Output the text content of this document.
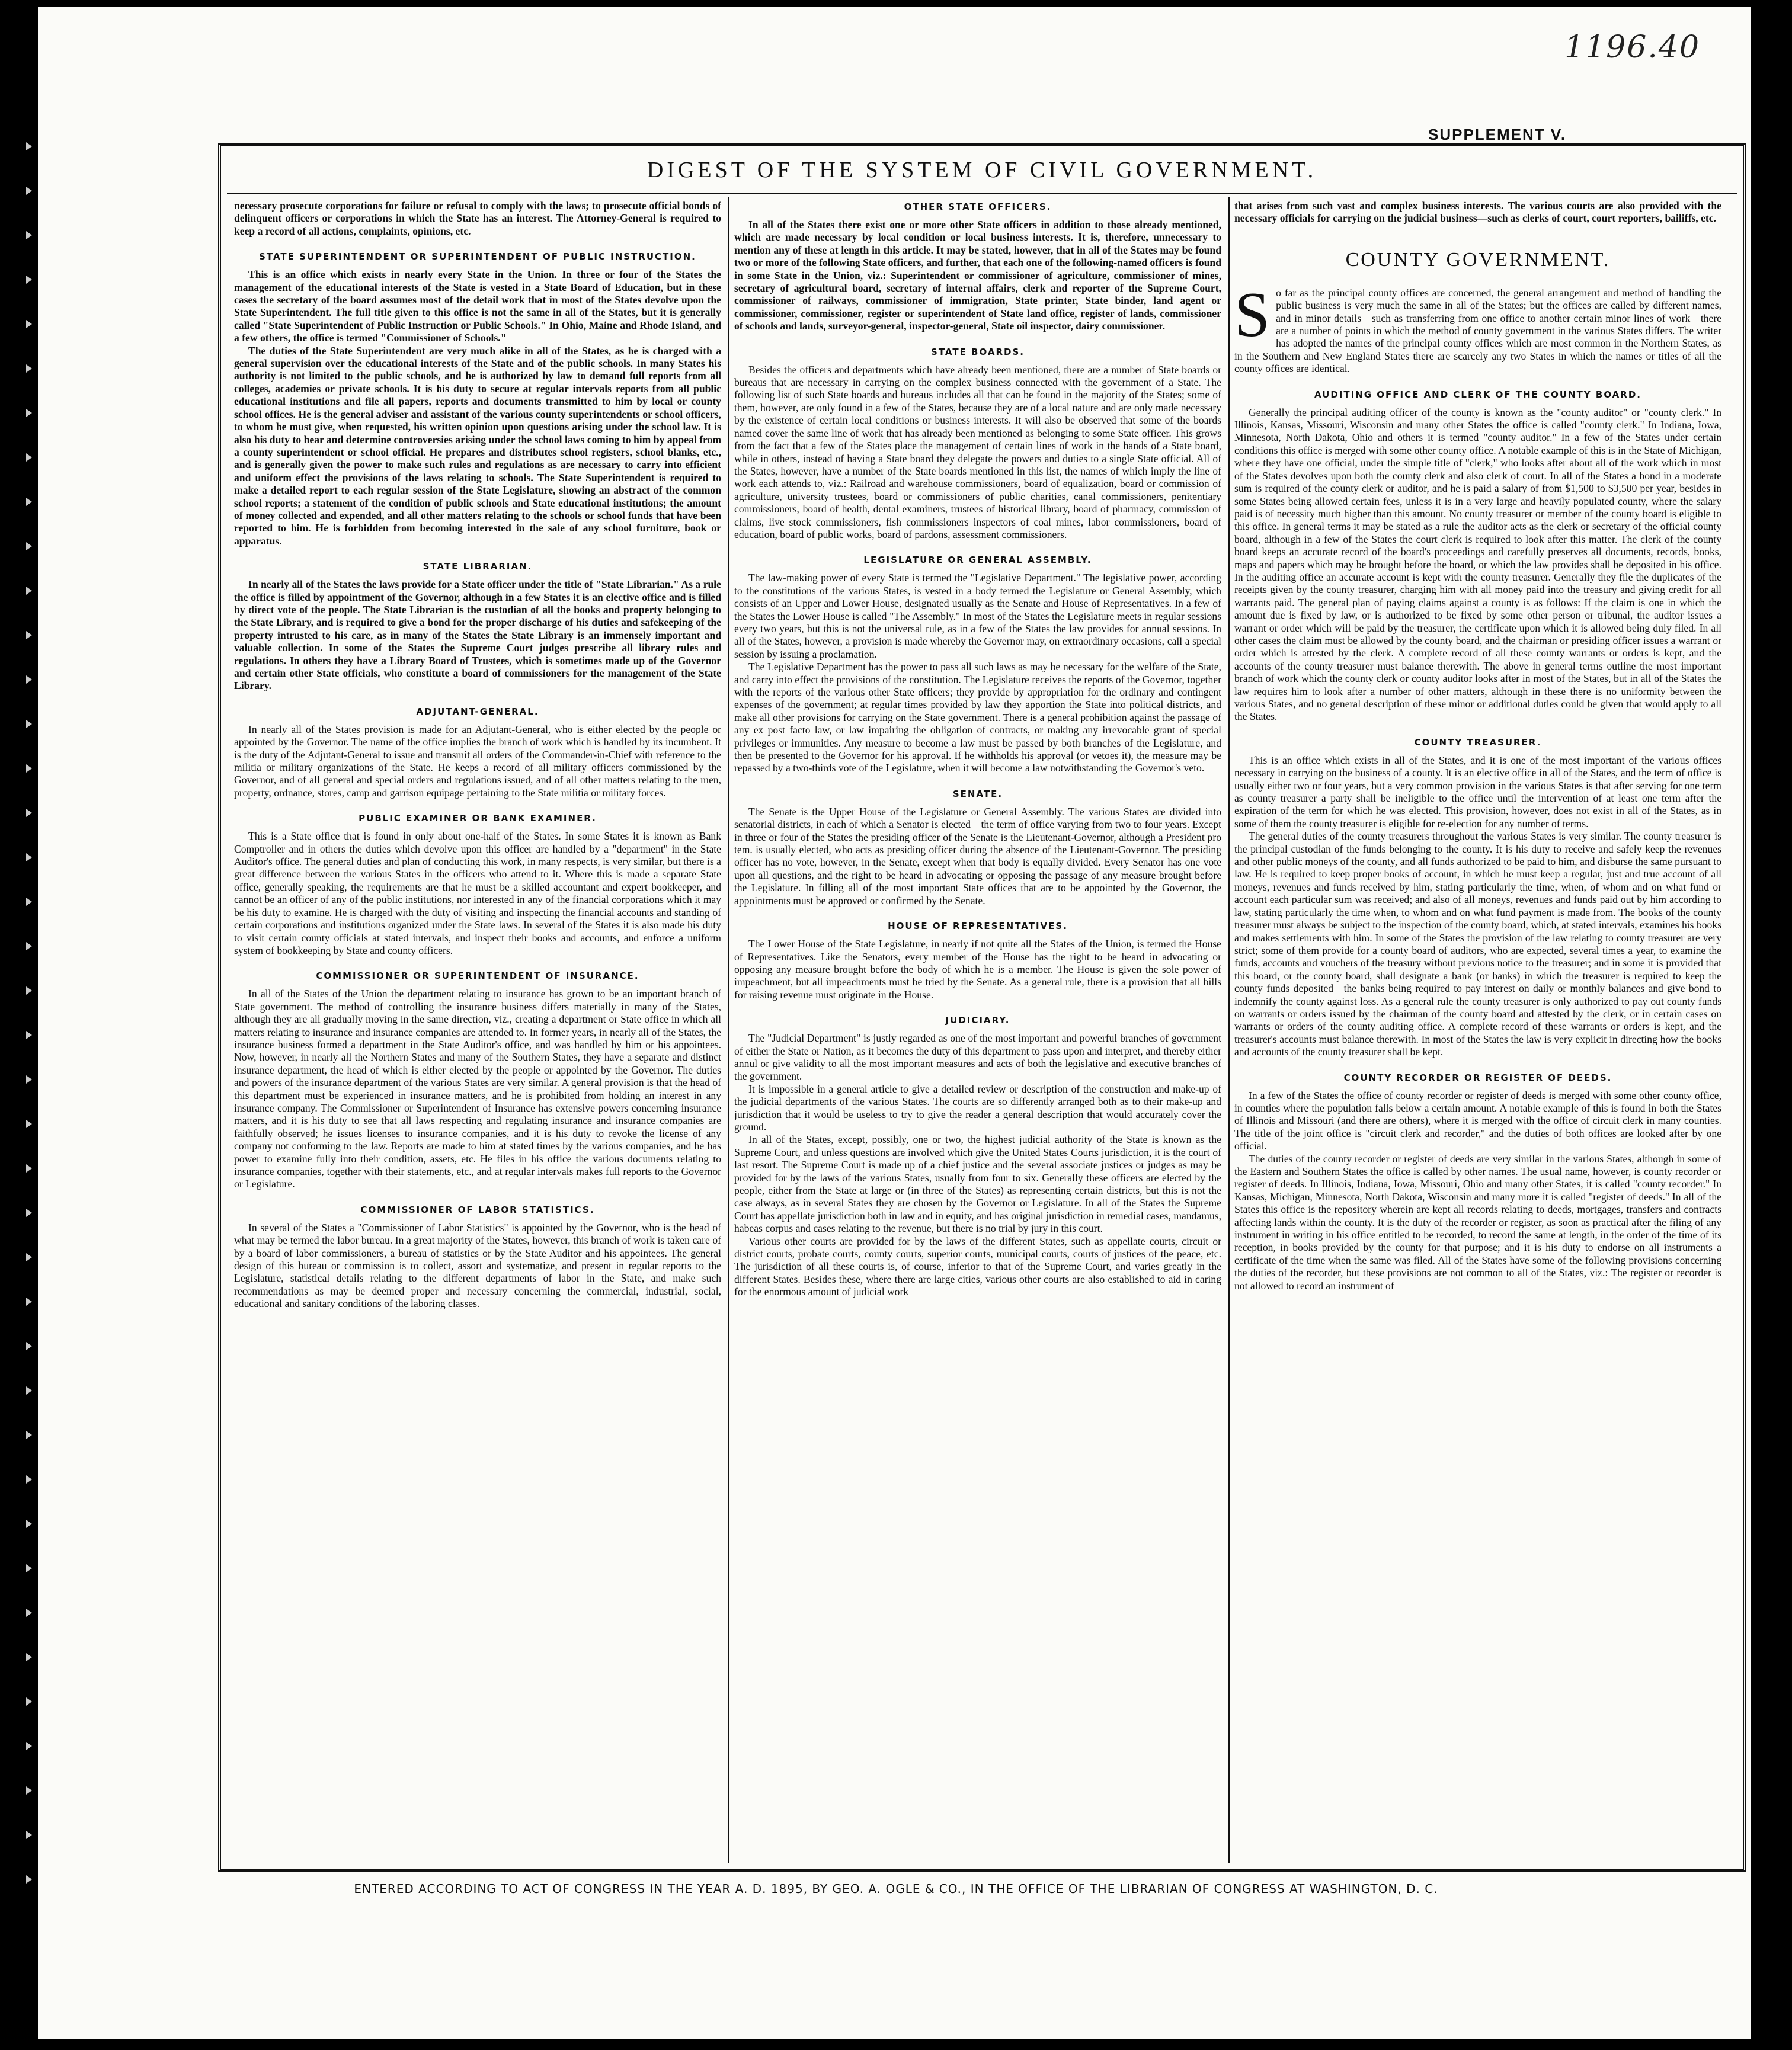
1196.40
SUPPLEMENT V.
DIGEST OF THE SYSTEM OF CIVIL GOVERNMENT.

necessary prosecute corporations for failure or refusal to comply with the laws; to prosecute official bonds of delinquent officers or corporations in which the State has an interest. The Attorney-General is required to keep a record of all actions, complaints, opinions, etc.

STATE SUPERINTENDENT OR SUPERINTENDENT OF PUBLIC INSTRUCTION.

This is an office which exists in nearly every State in the Union. In three or four of the States the management of the educational interests of the State is vested in a State Board of Education, but in these cases the secretary of the board assumes most of the detail work that in most of the States devolve upon the State Superintendent. The full title given to this office is not the same in all of the States, but it is generally called "State Superintendent of Public Instruction or Public Schools." In Ohio, Maine and Rhode Island, and a few others, the office is termed "Commissioner of Schools."

The duties of the State Superintendent are very much alike in all of the States, as he is charged with a general supervision over the educational interests of the State and of the public schools. In many States his authority is not limited to the public schools, and he is authorized by law to demand full reports from all colleges, academies or private schools. It is his duty to secure at regular intervals reports from all public educational institutions and file all papers, reports and documents transmitted to him by local or county school offices. He is the general adviser and assistant of the various county superintendents or school officers, to whom he must give, when requested, his written opinion upon questions arising under the school law. It is also his duty to hear and determine controversies arising under the school laws coming to him by appeal from a county superintendent or school official. He prepares and distributes school registers, school blanks, etc., and is generally given the power to make such rules and regulations as are necessary to carry into efficient and uniform effect the provisions of the laws relating to schools. The State Superintendent is required to make a detailed report to each regular session of the State Legislature, showing an abstract of the common school reports; a statement of the condition of public schools and State educational institutions; the amount of money collected and expended, and all other matters relating to the schools or school funds that have been reported to him. He is forbidden from becoming interested in the sale of any school furniture, book or apparatus.

STATE LIBRARIAN.

In nearly all of the States the laws provide for a State officer under the title of "State Librarian." As a rule the office is filled by appointment of the Governor, although in a few States it is an elective office and is filled by direct vote of the people. The State Librarian is the custodian of all the books and property belonging to the State Library, and is required to give a bond for the proper discharge of his duties and safekeeping of the property intrusted to his care, as in many of the States the State Library is an immensely important and valuable collection. In some of the States the Supreme Court judges prescribe all library rules and regulations. In others they have a Library Board of Trustees, which is sometimes made up of the Governor and certain other State officials, who constitute a board of commissioners for the management of the State Library.

ADJUTANT-GENERAL.

In nearly all of the States provision is made for an Adjutant-General, who is either elected by the people or appointed by the Governor. The name of the office implies the branch of work which is handled by its incumbent. It is the duty of the Adjutant-General to issue and transmit all orders of the Commander-in-Chief with reference to the militia or military organizations of the State. He keeps a record of all military officers commissioned by the Governor, and of all general and special orders and regulations issued, and of all other matters relating to the men, property, ordnance, stores, camp and garrison equipage pertaining to the State militia or military forces.

PUBLIC EXAMINER OR BANK EXAMINER.

This is a State office that is found in only about one-half of the States. In some States it is known as Bank Comptroller and in others the duties which devolve upon this officer are handled by a "department" in the State Auditor's office. The general duties and plan of conducting this work, in many respects, is very similar, but there is a great difference between the various States in the officers who attend to it. Where this is made a separate State office, generally speaking, the requirements are that he must be a skilled accountant and expert bookkeeper, and cannot be an officer of any of the public institutions, nor interested in any of the financial corporations which it may be his duty to examine. He is charged with the duty of visiting and inspecting the financial accounts and standing of certain corporations and institutions organized under the State laws. In several of the States it is also made his duty to visit certain county officials at stated intervals, and inspect their books and accounts, and enforce a uniform system of bookkeeping by State and county officers.

COMMISSIONER OR SUPERINTENDENT OF INSURANCE.

In all of the States of the Union the department relating to insurance has grown to be an important branch of State government. The method of controlling the insurance business differs materially in many of the States, although they are all gradually moving in the same direction, viz., creating a department or State office in which all matters relating to insurance and insurance companies are attended to. In former years, in nearly all of the States, the insurance business formed a department in the State Auditor's office, and was handled by him or his appointees. Now, however, in nearly all the Northern States and many of the Southern States, they have a separate and distinct insurance department, the head of which is either elected by the people or appointed by the Governor. The duties and powers of the insurance department of the various States are very similar. A general provision is that the head of this department must be experienced in insurance matters, and he is prohibited from holding an interest in any insurance company. The Commissioner or Superintendent of Insurance has extensive powers concerning insurance matters, and it is his duty to see that all laws respecting and regulating insurance and insurance companies are faithfully observed; he issues licenses to insurance companies, and it is his duty to revoke the license of any company not conforming to the law. Reports are made to him at stated times by the various companies, and he has power to examine fully into their condition, assets, etc. He files in his office the various documents relating to insurance companies, together with their statements, etc., and at regular intervals makes full reports to the Governor or Legislature.

COMMISSIONER OF LABOR STATISTICS.

In several of the States a "Commissioner of Labor Statistics" is appointed by the Governor, who is the head of what may be termed the labor bureau. In a great majority of the States, however, this branch of work is taken care of by a board of labor commissioners, a bureau of statistics or by the State Auditor and his appointees. The general design of this bureau or commission is to collect, assort and systematize, and present in regular reports to the Legislature, statistical details relating to the different departments of labor in the State, and make such recommendations as may be deemed proper and necessary concerning the commercial, industrial, social, educational and sanitary conditions of the laboring classes.

OTHER STATE OFFICERS.

In all of the States there exist one or more other State officers in addition to those already mentioned, which are made necessary by local condition or local business interests. It is, therefore, unnecessary to mention any of these at length in this article. It may be stated, however, that in all of the States may be found two or more of the following State officers, and further, that each one of the following-named officers is found in some State in the Union, viz.: Superintendent or commissioner of agriculture, commissioner of mines, secretary of agricultural board, secretary of internal affairs, clerk and reporter of the Supreme Court, commissioner of railways, commissioner of immigration, State printer, State binder, land agent or commissioner, commissioner, register or superintendent of State land office, register of lands, commissioner of schools and lands, surveyor-general, inspector-general, State oil inspector, dairy commissioner.

STATE BOARDS.

Besides the officers and departments which have already been mentioned, there are a number of State boards or bureaus that are necessary in carrying on the complex business connected with the government of a State. The following list of such State boards and bureaus includes all that can be found in the majority of the States; some of them, however, are only found in a few of the States, because they are of a local nature and are only made necessary by the existence of certain local conditions or business interests. It will also be observed that some of the boards named cover the same line of work that has already been mentioned as belonging to some State officer. This grows from the fact that a few of the States place the management of certain lines of work in the hands of a State board, while in others, instead of having a State board they delegate the powers and duties to a single State official. All of the States, however, have a number of the State boards mentioned in this list, the names of which imply the line of work each attends to, viz.: Railroad and warehouse commissioners, board of equalization, board or commission of agriculture, university trustees, board or commissioners of public charities, canal commissioners, penitentiary commissioners, board of health, dental examiners, trustees of historical library, board of pharmacy, commission of claims, live stock commissioners, fish commissioners inspectors of coal mines, labor commissioners, board of education, board of public works, board of pardons, assessment commissioners.

LEGISLATURE OR GENERAL ASSEMBLY.

The law-making power of every State is termed the "Legislative Department." The legislative power, according to the constitutions of the various States, is vested in a body termed the Legislature or General Assembly, which consists of an Upper and Lower House, designated usually as the Senate and House of Representatives. In a few of the States the Lower House is called "The Assembly." In most of the States the Legislature meets in regular sessions every two years, but this is not the universal rule, as in a few of the States the law provides for annual sessions. In all of the States, however, a provision is made whereby the Governor may, on extraordinary occasions, call a special session by issuing a proclamation.

The Legislative Department has the power to pass all such laws as may be necessary for the welfare of the State, and carry into effect the provisions of the constitution. The Legislature receives the reports of the Governor, together with the reports of the various other State officers; they provide by appropriation for the ordinary and contingent expenses of the government; at regular times provided by law they apportion the State into political districts, and make all other provisions for carrying on the State government. There is a general prohibition against the passage of any ex post facto law, or law impairing the obligation of contracts, or making any irrevocable grant of special privileges or immunities. Any measure to become a law must be passed by both branches of the Legislature, and then be presented to the Governor for his approval. If he withholds his approval (or vetoes it), the measure may be repassed by a two-thirds vote of the Legislature, when it will become a law notwithstanding the Governor's veto.

SENATE.

The Senate is the Upper House of the Legislature or General Assembly. The various States are divided into senatorial districts, in each of which a Senator is elected—the term of office varying from two to four years. Except in three or four of the States the presiding officer of the Senate is the Lieutenant-Governor, although a President pro tem. is usually elected, who acts as presiding officer during the absence of the Lieutenant-Governor. The presiding officer has no vote, however, in the Senate, except when that body is equally divided. Every Senator has one vote upon all questions, and the right to be heard in advocating or opposing the passage of any measure brought before the Legislature. In filling all of the most important State offices that are to be appointed by the Governor, the appointments must be approved or confirmed by the Senate.

HOUSE OF REPRESENTATIVES.

The Lower House of the State Legislature, in nearly if not quite all the States of the Union, is termed the House of Representatives. Like the Senators, every member of the House has the right to be heard in advocating or opposing any measure brought before the body of which he is a member. The House is given the sole power of impeachment, but all impeachments must be tried by the Senate. As a general rule, there is a provision that all bills for raising revenue must originate in the House.

JUDICIARY.

The "Judicial Department" is justly regarded as one of the most important and powerful branches of government of either the State or Nation, as it becomes the duty of this department to pass upon and interpret, and thereby either annul or give validity to all the most important measures and acts of both the legislative and executive branches of the government.

It is impossible in a general article to give a detailed review or description of the construction and make-up of the judicial departments of the various States. The courts are so differently arranged both as to their make-up and jurisdiction that it would be useless to try to give the reader a general description that would accurately cover the ground.

In all of the States, except, possibly, one or two, the highest judicial authority of the State is known as the Supreme Court, and unless questions are involved which give the United States Courts jurisdiction, it is the court of last resort. The Supreme Court is made up of a chief justice and the several associate justices or judges as may be provided for by the laws of the various States, usually from four to six. Generally these officers are elected by the people, either from the State at large or (in three of the States) as representing certain districts, but this is not the case always, as in several States they are chosen by the Governor or Legislature. In all of the States the Supreme Court has appellate jurisdiction both in law and in equity, and has original jurisdiction in remedial cases, mandamus, habeas corpus and cases relating to the revenue, but there is no trial by jury in this court.

Various other courts are provided for by the laws of the different States, such as appellate courts, circuit or district courts, probate courts, county courts, superior courts, municipal courts, courts of justices of the peace, etc. The jurisdiction of all these courts is, of course, inferior to that of the Supreme Court, and varies greatly in the different States. Besides these, where there are large cities, various other courts are also established to aid in caring for the enormous amount of judicial work

that arises from such vast and complex business interests. The various courts are also provided with the necessary officials for carrying on the judicial business—such as clerks of court, court reporters, bailiffs, etc.

COUNTY GOVERNMENT.

So far as the principal county offices are concerned, the general arrangement and method of handling the public business is very much the same in all of the States; but the offices are called by different names, and in minor details—such as transferring from one office to another certain minor lines of work—there are a number of points in which the method of county government in the various States differs. The writer has adopted the names of the principal county offices which are most common in the Northern States, as in the Southern and New England States there are scarcely any two States in which the names or titles of all the county offices are identical.

AUDITING OFFICE AND CLERK OF THE COUNTY BOARD.

Generally the principal auditing officer of the county is known as the "county auditor" or "county clerk." In Illinois, Kansas, Missouri, Wisconsin and many other States the office is called "county clerk." In Indiana, Iowa, Minnesota, North Dakota, Ohio and others it is termed "county auditor." In a few of the States under certain conditions this office is merged with some other county office. A notable example of this is in the State of Michigan, where they have one official, under the simple title of "clerk," who looks after about all of the work which in most of the States devolves upon both the county clerk and also clerk of court. In all of the States a bond in a moderate sum is required of the county clerk or auditor, and he is paid a salary of from $1,500 to $3,500 per year, besides in some States being allowed certain fees, unless it is in a very large and heavily populated county, where the salary paid is of necessity much higher than this amount. No county treasurer or member of the county board is eligible to this office. In general terms it may be stated as a rule the auditor acts as the clerk or secretary of the official county board, although in a few of the States the court clerk is required to look after this matter. The clerk of the county board keeps an accurate record of the board's proceedings and carefully preserves all documents, records, books, maps and papers which may be brought before the board, or which the law provides shall be deposited in his office. In the auditing office an accurate account is kept with the county treasurer. Generally they file the duplicates of the receipts given by the county treasurer, charging him with all money paid into the treasury and giving credit for all warrants paid. The general plan of paying claims against a county is as follows: If the claim is one in which the amount due is fixed by law, or is authorized to be fixed by some other person or tribunal, the auditor issues a warrant or order which will be paid by the treasurer, the certificate upon which it is allowed being duly filed. In all other cases the claim must be allowed by the county board, and the chairman or presiding officer issues a warrant or order which is attested by the clerk. A complete record of all these county warrants or orders is kept, and the accounts of the county treasurer must balance therewith. The above in general terms outline the most important branch of work which the county clerk or county auditor looks after in most of the States, but in all of the States the law requires him to look after a number of other matters, although in these there is no uniformity between the various States, and no general description of these minor or additional duties could be given that would apply to all the States.

COUNTY TREASURER.

This is an office which exists in all of the States, and it is one of the most important of the various offices necessary in carrying on the business of a county. It is an elective office in all of the States, and the term of office is usually either two or four years, but a very common provision in the various States is that after serving for one term as county treasurer a party shall be ineligible to the office until the intervention of at least one term after the expiration of the term for which he was elected. This provision, however, does not exist in all of the States, as in some of them the county treasurer is eligible for re-election for any number of terms.

The general duties of the county treasurers throughout the various States is very similar. The county treasurer is the principal custodian of the funds belonging to the county. It is his duty to receive and safely keep the revenues and other public moneys of the county, and all funds authorized to be paid to him, and disburse the same pursuant to law. He is required to keep proper books of account, in which he must keep a regular, just and true account of all moneys, revenues and funds received by him, stating particularly the time, when, of whom and on what fund or account each particular sum was received; and also of all moneys, revenues and funds paid out by him according to law, stating particularly the time when, to whom and on what fund payment is made from. The books of the county treasurer must always be subject to the inspection of the county board, which, at stated intervals, examines his books and makes settlements with him. In some of the States the provision of the law relating to county treasurer are very strict; some of them provide for a county board of auditors, who are expected, several times a year, to examine the funds, accounts and vouchers of the treasury without previous notice to the treasurer; and in some it is provided that this board, or the county board, shall designate a bank (or banks) in which the treasurer is required to keep the county funds deposited—the banks being required to pay interest on daily or monthly balances and give bond to indemnify the county against loss. As a general rule the county treasurer is only authorized to pay out county funds on warrants or orders issued by the chairman of the county board and attested by the clerk, or in certain cases on warrants or orders of the county auditing office. A complete record of these warrants or orders is kept, and the treasurer's accounts must balance therewith. In most of the States the law is very explicit in directing how the books and accounts of the county treasurer shall be kept.

COUNTY RECORDER OR REGISTER OF DEEDS.

In a few of the States the office of county recorder or register of deeds is merged with some other county office, in counties where the population falls below a certain amount. A notable example of this is found in both the States of Illinois and Missouri (and there are others), where it is merged with the office of circuit clerk in many counties. The title of the joint office is "circuit clerk and recorder," and the duties of both offices are looked after by one official.

The duties of the county recorder or register of deeds are very similar in the various States, although in some of the Eastern and Southern States the office is called by other names. The usual name, however, is county recorder or register of deeds. In Illinois, Indiana, Iowa, Missouri, Ohio and many other States, it is called "county recorder." In Kansas, Michigan, Minnesota, North Dakota, Wisconsin and many more it is called "register of deeds." In all of the States this office is the repository wherein are kept all records relating to deeds, mortgages, transfers and contracts affecting lands within the county. It is the duty of the recorder or register, as soon as practical after the filing of any instrument in writing in his office entitled to be recorded, to record the same at length, in the order of the time of its reception, in books provided by the county for that purpose; and it is his duty to endorse on all instruments a certificate of the time when the same was filed. All of the States have some of the following provisions concerning the duties of the recorder, but these provisions are not common to all of the States, viz.: The register or recorder is not allowed to record an instrument of

ENTERED ACCORDING TO ACT OF CONGRESS IN THE YEAR A. D. 1895, BY GEO. A. OGLE & CO., IN THE OFFICE OF THE LIBRARIAN OF CONGRESS AT WASHINGTON, D. C.
